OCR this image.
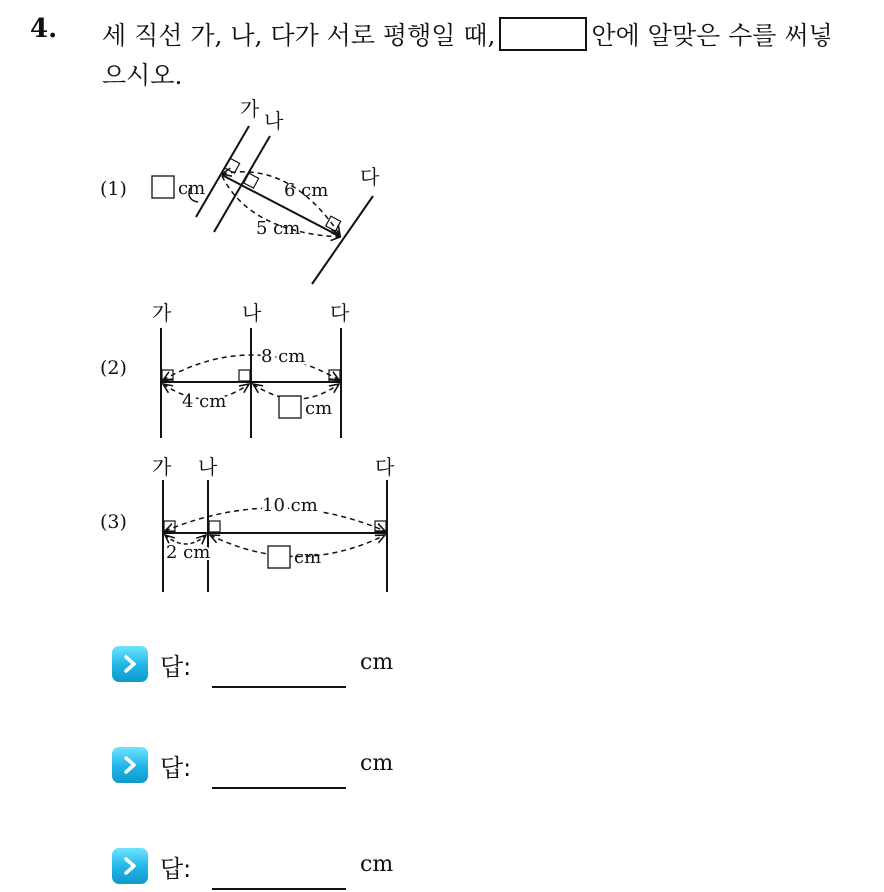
4. 세 직선 가, 나, 다가 서로 평행일 때,	안에 알맞은 수를 써넣
으시오.
(1)	cm
가 나
다
6 cm
5 cm
(2)
가	나	다
8 cm
4 cm	cm
(3)
가 나	다
10 cm
2 cm	cm
답:	cm
답:	cm
답:	cm
